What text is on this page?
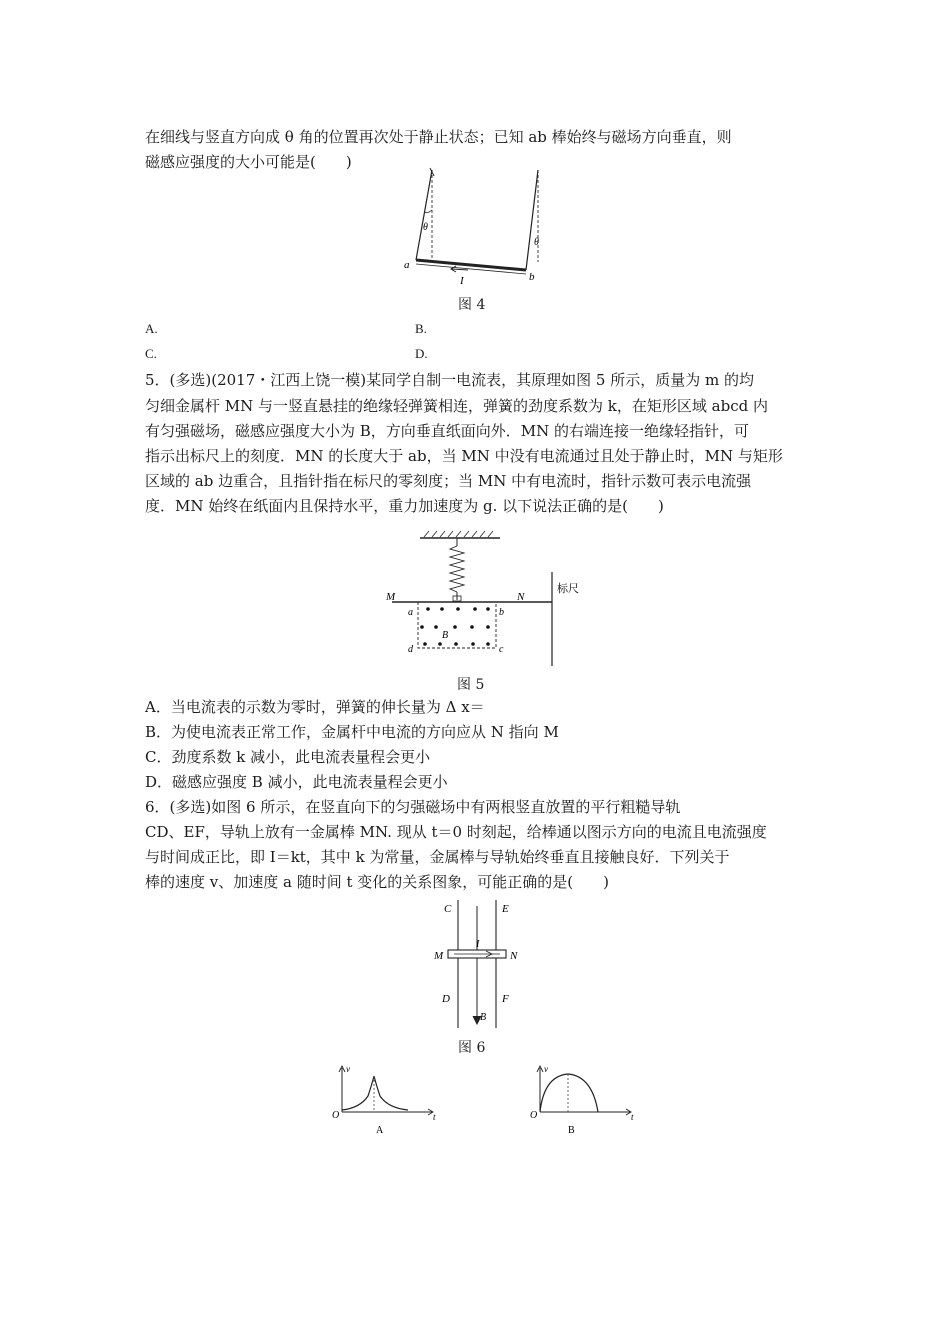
在细线与竖直方向成 θ 角的位置再次处于静止状态；已知 ab 棒始终与磁场方向垂直，则
磁感应强度的大小可能是(　　)
θ
θ
a
b
I
图 4
A.	B.
C.	D.
5．(多选)(2017・江西上饶一模)某同学自制一电流表，其原理如图 5 所示，质量为 m 的均
匀细金属杆 MN 与一竖直悬挂的绝缘轻弹簧相连，弹簧的劲度系数为 k，在矩形区域 abcd 内
有匀强磁场，磁感应强度大小为 B，方向垂直纸面向外．MN 的右端连接一绝缘轻指针，可
指示出标尺上的刻度．MN 的长度大于 ab，当 MN 中没有电流通过且处于静止时，MN 与矩形
区域的 ab 边重合，且指针指在标尺的零刻度；当 MN 中有电流时，指针示数可表示电流强
度．MN 始终在纸面内且保持水平，重力加速度为 g. 以下说法正确的是(　　)
标尺
M	N
a	b
d	c
B
图 5
A．当电流表的示数为零时，弹簧的伸长量为 Δ x＝
B．为使电流表正常工作，金属杆中电流的方向应从 N 指向 M
C．劲度系数 k 减小，此电流表量程会更小
D．磁感应强度 B 减小，此电流表量程会更小
6．(多选)如图 6 所示，在竖直向下的匀强磁场中有两根竖直放置的平行粗糙导轨
CD、EF，导轨上放有一金属棒 MN. 现从 t＝0 时刻起，给棒通以图示方向的电流且电流强度
与时间成正比，即 I＝kt，其中 k 为常量，金属棒与导轨始终垂直且接触良好．下列关于
棒的速度 v、加速度 a 随时间 t 变化的关系图象，可能正确的是(　　)
C	E
M	N
I
D	F
B
图 6
O
v
t
A
O
v
t
B
